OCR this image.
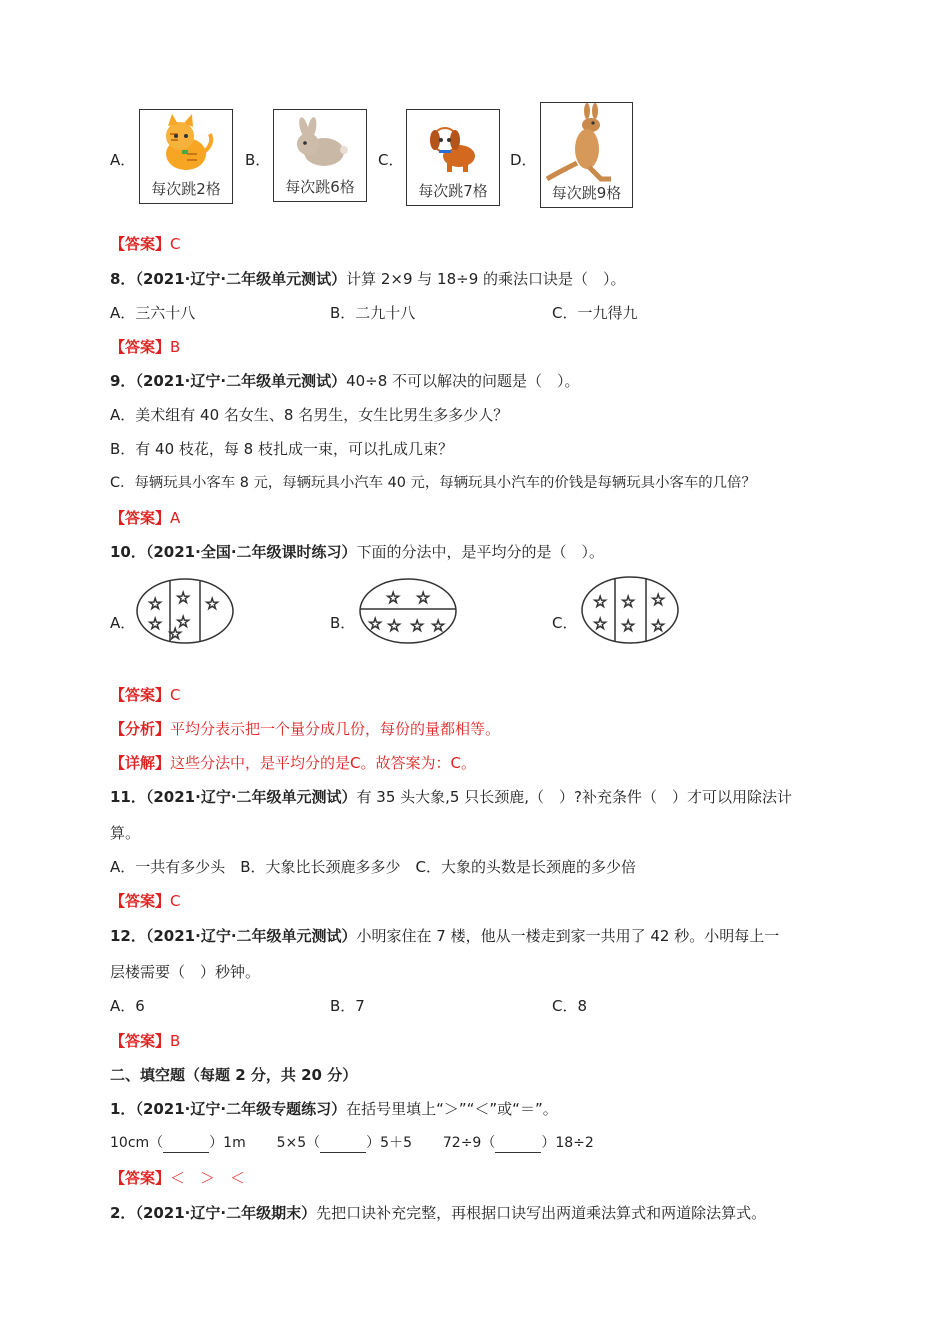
A．
每次跳2格
B．
每次跳6格
C．
每次跳7格
D．
每次跳9格
【答案】C
8．（2021·辽宁·二年级单元测试）计算 2×9 与 18÷9 的乘法口诀是（　）。
A．三六十八	B．二九十八	C．一九得九
【答案】B
9．（2021·辽宁·二年级单元测试）40÷8 不可以解决的问题是（　）。
A．美术组有 40 名女生、8 名男生，女生比男生多多少人？
B．有 40 枝花，每 8 枝扎成一束，可以扎成几束？
C．每辆玩具小客车 8 元，每辆玩具小汽车 40 元，每辆玩具小汽车的价钱是每辆玩具小客车的几倍？
【答案】A
10．（2021·全国·二年级课时练习）下面的分法中，是平均分的是（　）。
A．
☆
☆
☆
☆
☆
☆
B．
☆ ☆
☆ ☆ ☆ ☆	C．
☆
☆
☆
☆
☆
☆
【答案】C
【分析】平均分表示把一个量分成几份，每份的量都相等。
【详解】这些分法中，是平均分的是C。故答案为：C。
11．（2021·辽宁·二年级单元测试）有 35 头大象,5 只长颈鹿,（　）?补充条件（　）才可以用除法计
算。
A．一共有多少头　B．大象比长颈鹿多多少　C．大象的头数是长颈鹿的多少倍
【答案】C
12．（2021·辽宁·二年级单元测试）小明家住在 7 楼，他从一楼走到家一共用了 42 秒。小明每上一
层楼需要（　）秒钟。
A．6	B．7	C．8
【答案】B
二、填空题（每题 2 分，共 20 分）
1．（2021·辽宁·二年级专题练习）在括号里填上“＞”“＜”或“＝”。
10cm（	）1m 5×5（	）5＋5 72÷9（	）18÷2
【答案】＜　＞　＜
2．（2021·辽宁·二年级期末）先把口诀补充完整，再根据口诀写出两道乘法算式和两道除法算式。
